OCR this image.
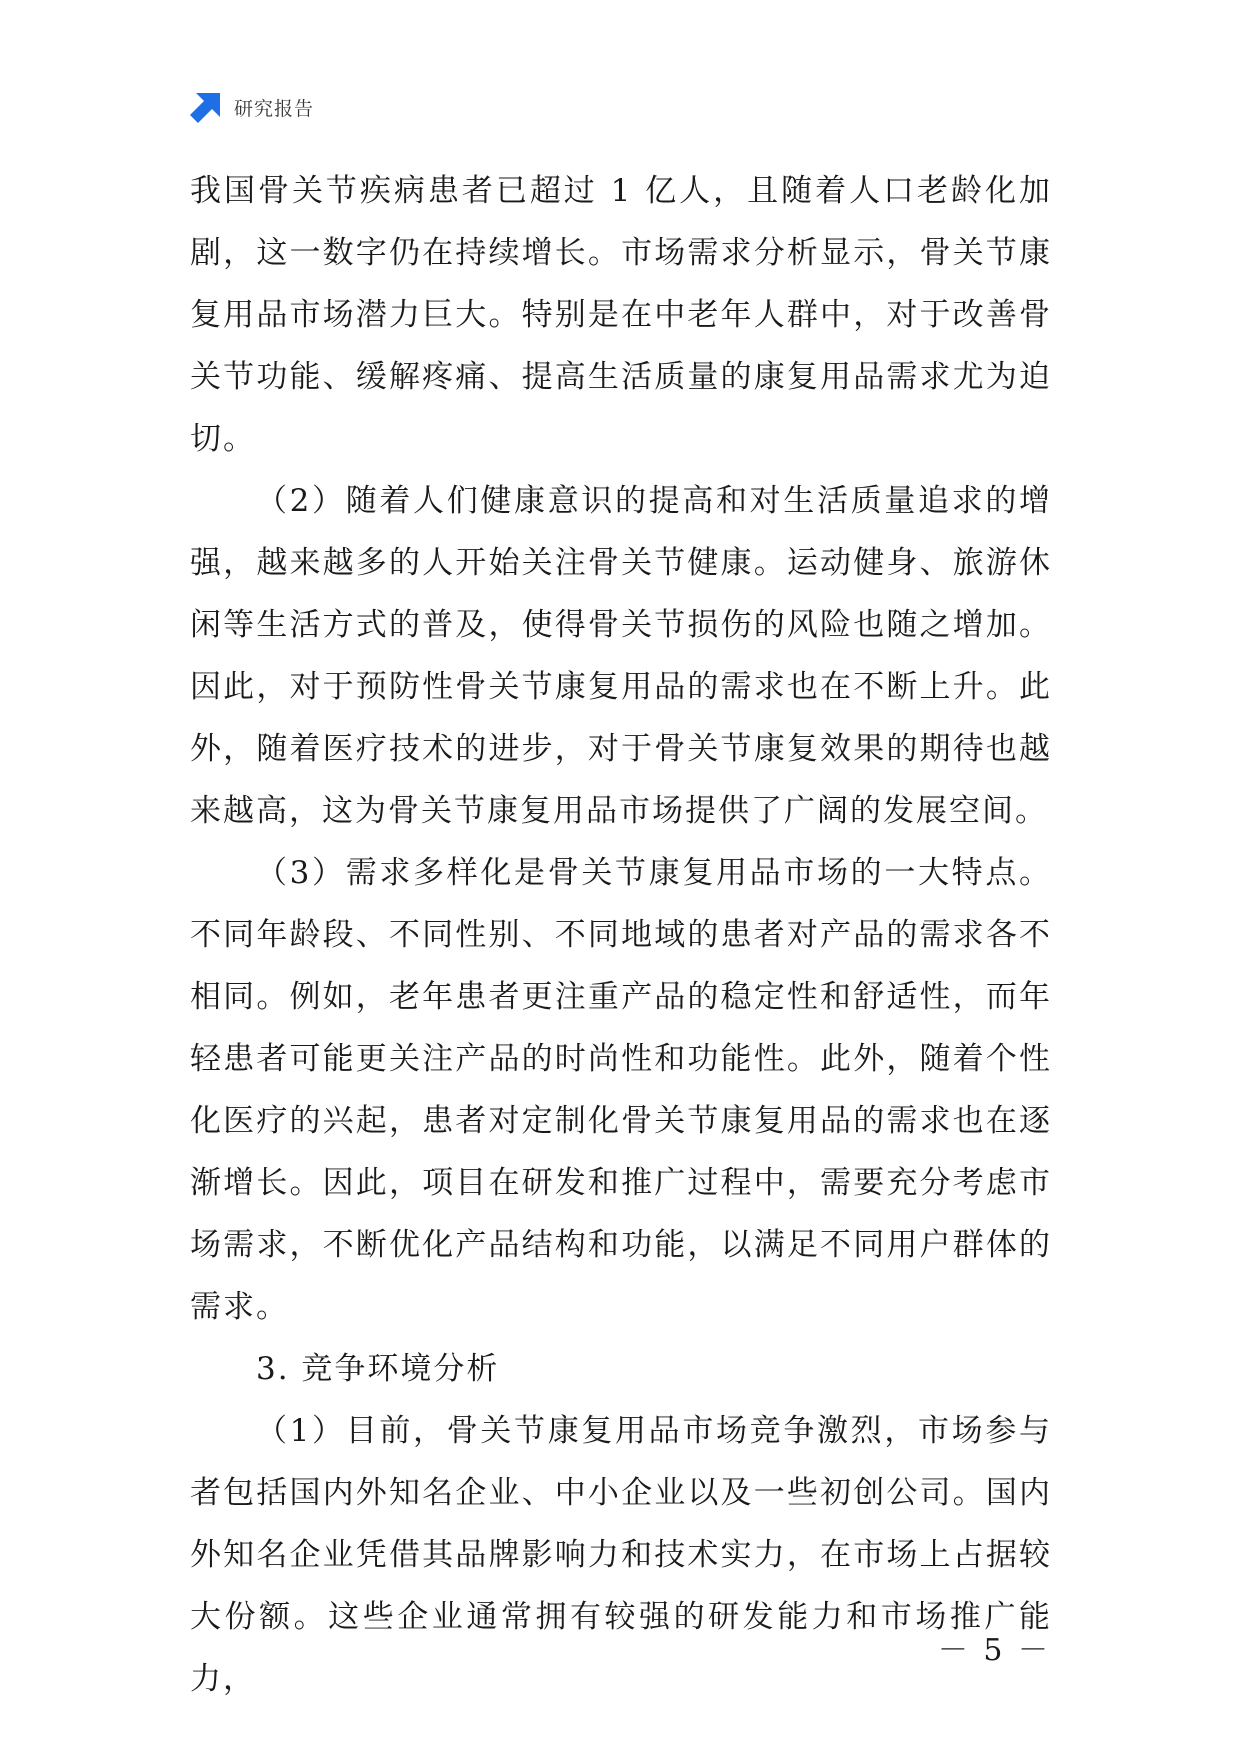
研究报告

我国骨关节疾病患者已超过 1 亿人，且随着人口老龄化加剧，这一数字仍在持续增长。市场需求分析显示，骨关节康复用品市场潜力巨大。特别是在中老年人群中，对于改善骨关节功能、缓解疼痛、提高生活质量的康复用品需求尤为迫切。

（2）随着人们健康意识的提高和对生活质量追求的增强，越来越多的人开始关注骨关节健康。运动健身、旅游休闲等生活方式的普及，使得骨关节损伤的风险也随之增加。因此，对于预防性骨关节康复用品的需求也在不断上升。此外，随着医疗技术的进步，对于骨关节康复效果的期待也越来越高，这为骨关节康复用品市场提供了广阔的发展空间。

（3）需求多样化是骨关节康复用品市场的一大特点。不同年龄段、不同性别、不同地域的患者对产品的需求各不相同。例如，老年患者更注重产品的稳定性和舒适性，而年轻患者可能更关注产品的时尚性和功能性。此外，随着个性化医疗的兴起，患者对定制化骨关节康复用品的需求也在逐渐增长。因此，项目在研发和推广过程中，需要充分考虑市场需求，不断优化产品结构和功能，以满足不同用户群体的需求。

3. 竞争环境分析

（1）目前，骨关节康复用品市场竞争激烈，市场参与者包括国内外知名企业、中小企业以及一些初创公司。国内外知名企业凭借其品牌影响力和技术实力，在市场上占据较大份额。这些企业通常拥有较强的研发能力和市场推广能力，

－ 5 －
